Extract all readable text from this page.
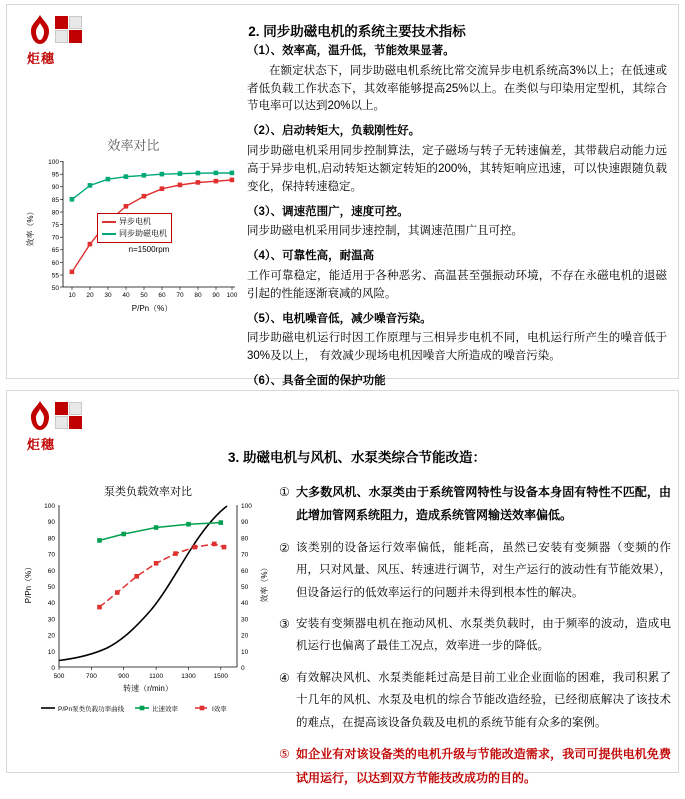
炬穗
2. 同步助磁电机的系统主要技术指标
效率对比
100
95
90
85
80
75
70
65
60
55
50
10 20 30 40 50 60 70 80 90 100
P/Pn（%）
效率（%）
n=1500rpm
异步电机
同步助磁电机
（1）、效率高，温升低，节能效果显著。
在额定状态下，同步助磁电机系统比常交流异步电机系统高3%以上；在低速或者低负载工作状态下，其效率能够提高25%以上。在类似与印染用定型机，其综合节电率可以达到20%以上。
（2）、启动转矩大，负载刚性好。
同步助磁电机采用同步控制算法，定子磁场与转子无转速偏差，其带载启动能力远高于异步电机,启动转矩达额定转矩的200%，其转矩响应迅速，可以快速跟随负载变化，保持转速稳定。
（3）、调速范围广，速度可控。
同步助磁电机采用同步速控制，其调速范围广且可控。
（4）、可靠性高，耐温高
工作可靠稳定，能适用于各种恶劣、高温甚至强振动环境，不存在永磁电机的退磁引起的性能逐渐衰减的风险。
（5）、电机噪音低，减少噪音污染。
同步助磁电机运行时因工作原理与三相异步电机不同，电机运行所产生的噪音低于30%及以上， 有效减少现场电机因噪音大所造成的噪音污染。
（6）、具备全面的保护功能
炬穗
3. 助磁电机与风机、水泵类综合节能改造：
泵类负载效率对比
100
90
80
70
60
50
40
30
20
10
0
100
90
80
70
60
50
40
30
20
10
0
500	700	900	1100	1300	1500
转速（r/min）
P/Pn（%）	效率（%）
P/Pn泵类负载功率曲线	比速效率	I效率
① 大多数风机、水泵类由于系统管网特性与设备本身固有特性不匹配，由此增加管网系统阻力，造成系统管网输送效率偏低。
② 该类别的设备运行效率偏低，能耗高，虽然已安装有变频器（变频的作用，只对风量、风压、转速进行调节，对生产运行的波动性有节能效果），但设备运行的低效率运行的问题并未得到根本性的解决。
③ 安装有变频器电机在拖动风机、水泵类负载时，由于频率的波动，造成电机运行也偏离了最佳工况点，效率进一步的降低。
④ 有效解决风机、水泵类能耗过高是目前工业企业面临的困难，我司积累了十几年的风机、水泵及电机的综合节能改造经验，已经彻底解决了该技术的难点，在提高该设备负载及电机的系统节能有众多的案例。
⑤ 如企业有对该设备类的电机升级与节能改造需求，我司可提供电机免费试用运行，以达到双方节能技改成功的目的。
